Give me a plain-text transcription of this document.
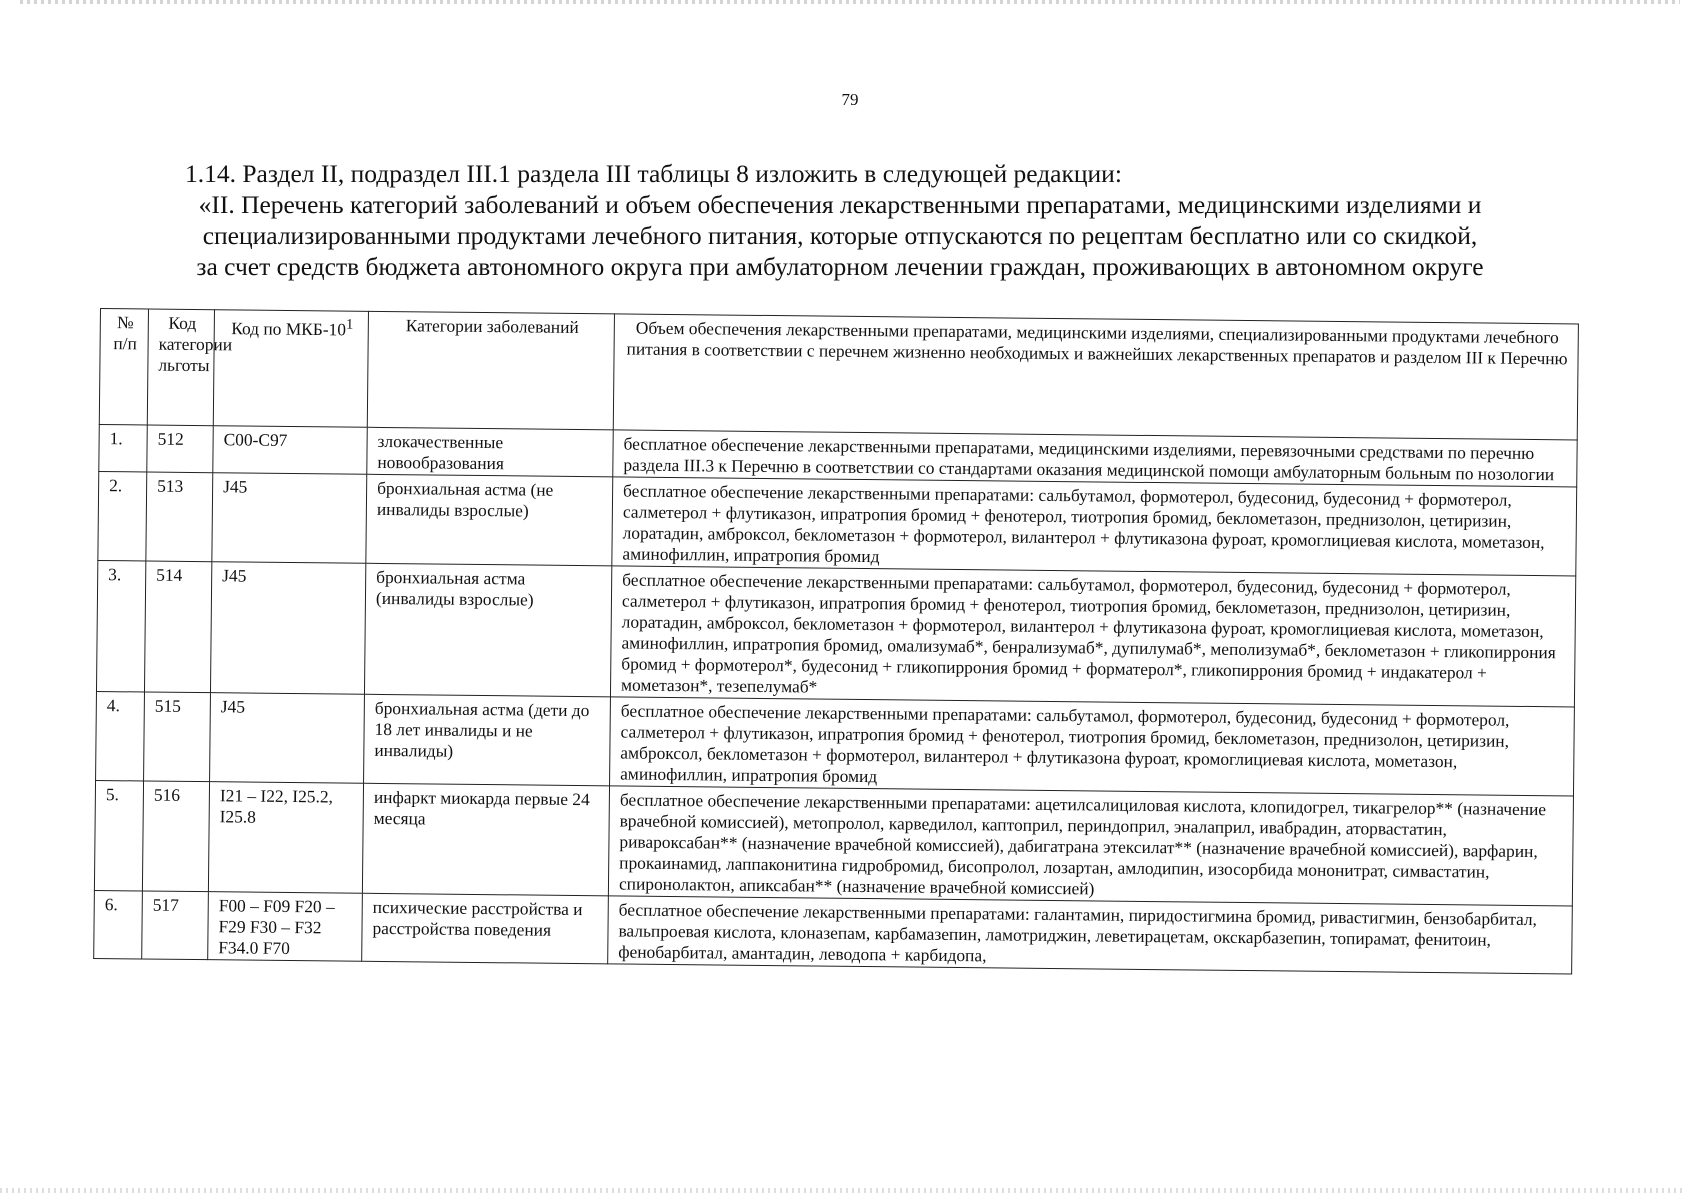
79
1.14. Раздел II, подраздел III.1 раздела III таблицы 8 изложить в следующей редакции:
«II. Перечень категорий заболеваний и объем обеспечения лекарственными препаратами, медицинскими изделиями и
специализированными продуктами лечебного питания, которые отпускаются по рецептам бесплатно или со скидкой,
за счет средств бюджета автономного округа при амбулаторном лечении граждан, проживающих в автономном округе
№ п/п	Код категории льготы	Код по МКБ-$10^1$	Категории заболеваний	Объем обеспечения лекарственными препаратами, медицинскими изделиями, специализированными продуктами лечебного питания в соответствии с перечнем жизненно необходимых и важнейших лекарственных препаратов и разделом III к Перечню
1.	512	С00-С97	злокачественные новообразования	бесплатное обеспечение лекарственными препаратами, медицинскими изделиями, перевязочными средствами по перечню раздела III.3 к Перечню в соответствии со стандартами оказания медицинской помощи амбулаторным больным по нозологии
2.	513	J45	бронхиальная астма (не инвалиды взрослые)	бесплатное обеспечение лекарственными препаратами: сальбутамол, формотерол, будесонид, будесонид + формотерол, салметерол + флутиказон, ипратропия бромид + фенотерол, тиотропия бромид, беклометазон, преднизолон, цетиризин, лоратадин, амброксол, беклометазон + формотерол, вилантерол + флутиказона фуроат, кромоглициевая кислота, мометазон, аминофиллин, ипратропия бромид
3.	514	J45	бронхиальная астма (инвалиды взрослые)	бесплатное обеспечение лекарственными препаратами: сальбутамол, формотерол, будесонид, будесонид + формотерол, салметерол + флутиказон, ипратропия бромид + фенотерол, тиотропия бромид, беклометазон, преднизолон, цетиризин, лоратадин, амброксол, беклометазон + формотерол, вилантерол + флутиказона фуроат, кромоглициевая кислота, мометазон, аминофиллин, ипратропия бромид, омализумаб*, бенрализумаб*, дупилумаб*, меполизумаб*, беклометазон + гликопиррония бромид + формотерол*, будесонид + гликопиррония бромид + форматерол*, гликопиррония бромид + индакатерол + мометазон*, тезепелумаб*
4.	515	J45	бронхиальная астма (дети до 18 лет инвалиды и не инвалиды)	бесплатное обеспечение лекарственными препаратами: сальбутамол, формотерол, будесонид, будесонид + формотерол, салметерол + флутиказон, ипратропия бромид + фенотерол, тиотропия бромид, беклометазон, преднизолон, цетиризин, амброксол, беклометазон + формотерол, вилантерол + флутиказона фуроат, кромоглициевая кислота, мометазон, аминофиллин, ипратропия бромид
5.	516	I21 – I22, I25.2, I25.8	инфаркт миокарда первые 24 месяца	бесплатное обеспечение лекарственными препаратами: ацетилсалициловая кислота, клопидогрел, тикагрелор** (назначение врачебной комиссией), метопролол, карведилол, каптоприл, периндоприл, эналаприл, ивабрадин, аторвастатин, ривароксабан** (назначение врачебной комиссией), дабигатрана этексилат** (назначение врачебной комиссией), варфарин, прокаинамид, лаппаконитина гидробромид, бисопролол, лозартан, амлодипин, изосорбида мононитрат, симвастатин, спиронолактон, апиксабан** (назначение врачебной комиссией)
6.	517	F00 – F09 F20 – F29 F30 – F32 F34.0 F70	психические расстройства и расстройства поведения	бесплатное обеспечение лекарственными препаратами: галантамин, пиридостигмина бромид, ривастигмин, бензобарбитал, вальпроевая кислота, клоназепам, карбамазепин, ламотриджин, леветирацетам, окскарбазепин, топирамат, фенитоин, фенобарбитал, амантадин, леводопа + карбидопа,
